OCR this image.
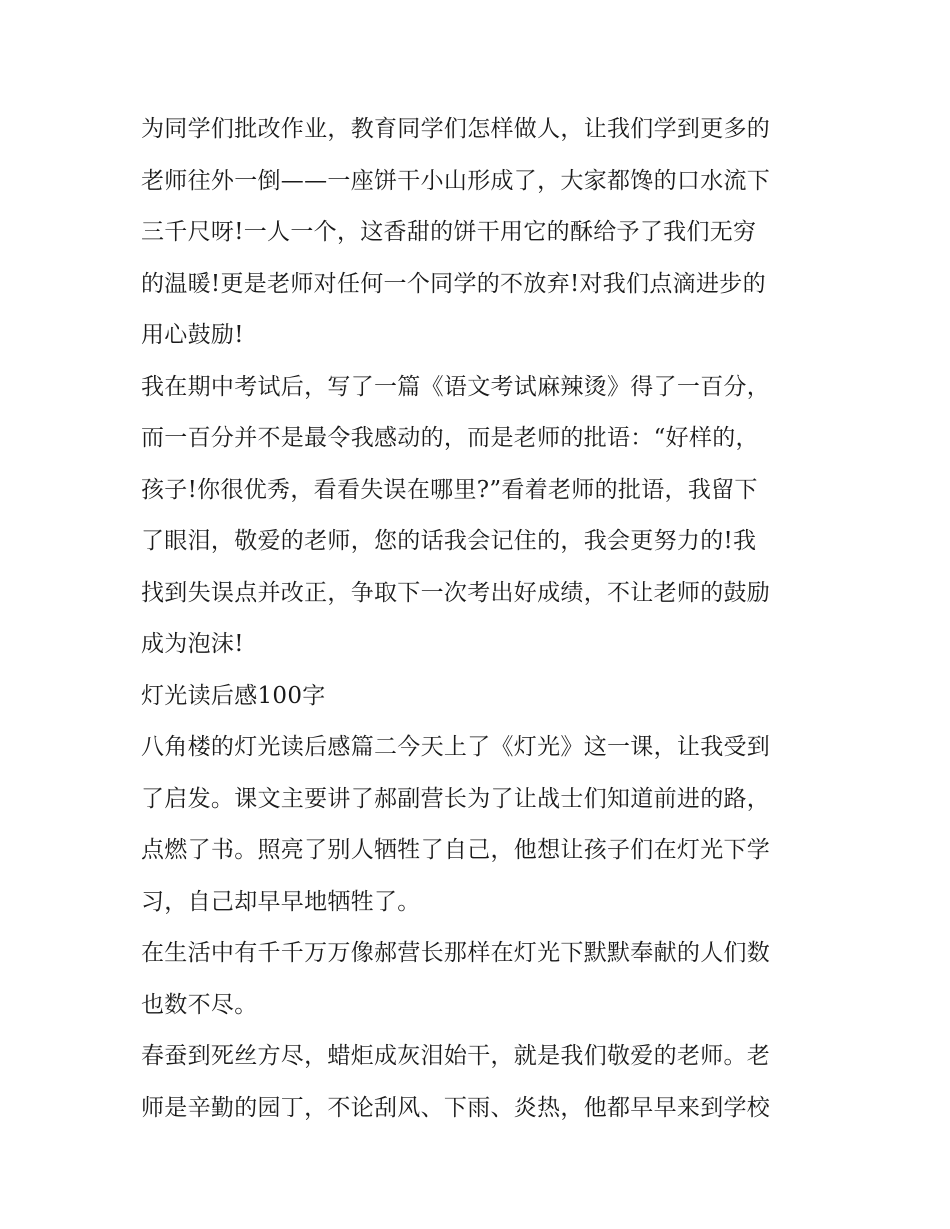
为同学们批改作业，教育同学们怎样做人，让我们学到更多的
老师往外一倒——一座饼干小山形成了，大家都馋的口水流下
三千尺呀!一人一个，这香甜的饼干用它的酥给予了我们无穷
的温暖!更是老师对任何一个同学的不放弃!对我们点滴进步的
用心鼓励!
我在期中考试后，写了一篇《语文考试麻辣烫》得了一百分，
而一百分并不是最令我感动的，而是老师的批语：“好样的，
孩子!你很优秀，看看失误在哪里?”看着老师的批语，我留下
了眼泪，敬爱的老师，您的话我会记住的，我会更努力的!我
找到失误点并改正，争取下一次考出好成绩，不让老师的鼓励
成为泡沫!
灯光读后感100字
八角楼的灯光读后感篇二今天上了《灯光》这一课，让我受到
了启发。课文主要讲了郝副营长为了让战士们知道前进的路，
点燃了书。照亮了别人牺牲了自己，他想让孩子们在灯光下学
习，自己却早早地牺牲了。
在生活中有千千万万像郝营长那样在灯光下默默奉献的人们数
也数不尽。
春蚕到死丝方尽，蜡炬成灰泪始干，就是我们敬爱的老师。老
师是辛勤的园丁，不论刮风、下雨、炎热，他都早早来到学校
